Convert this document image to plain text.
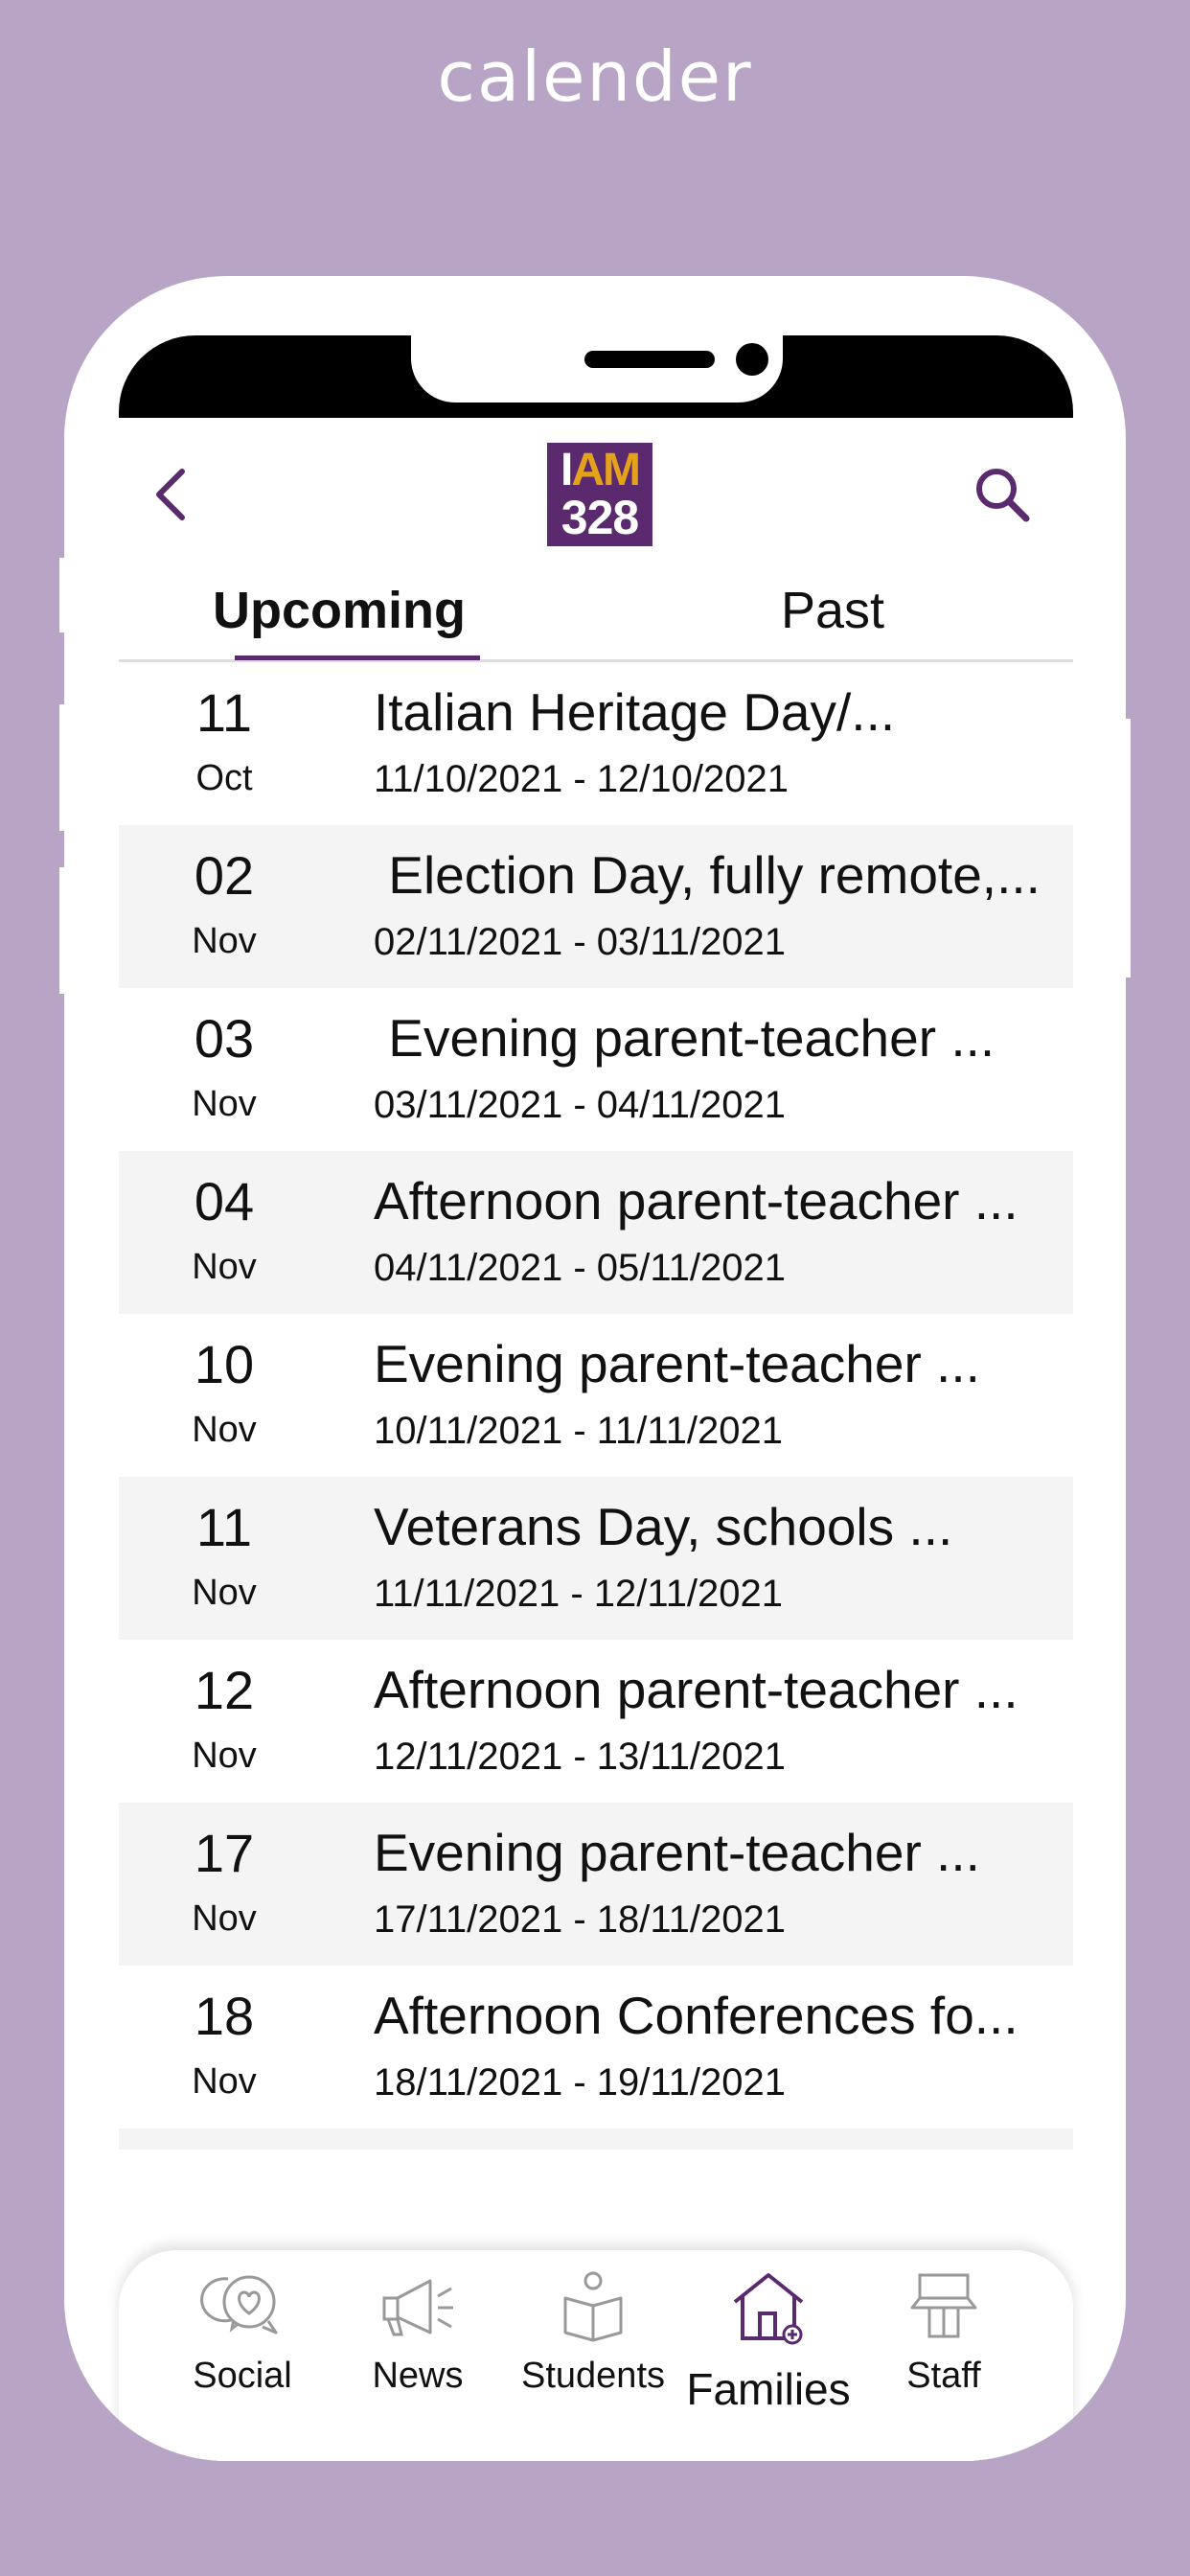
calender
IAM
328
Upcoming	Past
11
Oct
Italian Heritage Day/...
11/10/2021 - 12/10/2021
02
Nov
Election Day, fully remote,...
02/11/2021 - 03/11/2021
03
Nov
Evening parent-teacher ...
03/11/2021 - 04/11/2021
04
Nov
Afternoon parent-teacher ...
04/11/2021 - 05/11/2021
10
Nov
Evening parent-teacher ...
10/11/2021 - 11/11/2021
11
Nov
Veterans Day, schools ...
11/11/2021 - 12/11/2021
12
Nov
Afternoon parent-teacher ...
12/11/2021 - 13/11/2021
17
Nov
Evening parent-teacher ...
17/11/2021 - 18/11/2021
18
Nov
Afternoon Conferences fo...
18/11/2021 - 19/11/2021
Social	News	Students Families	Staff
